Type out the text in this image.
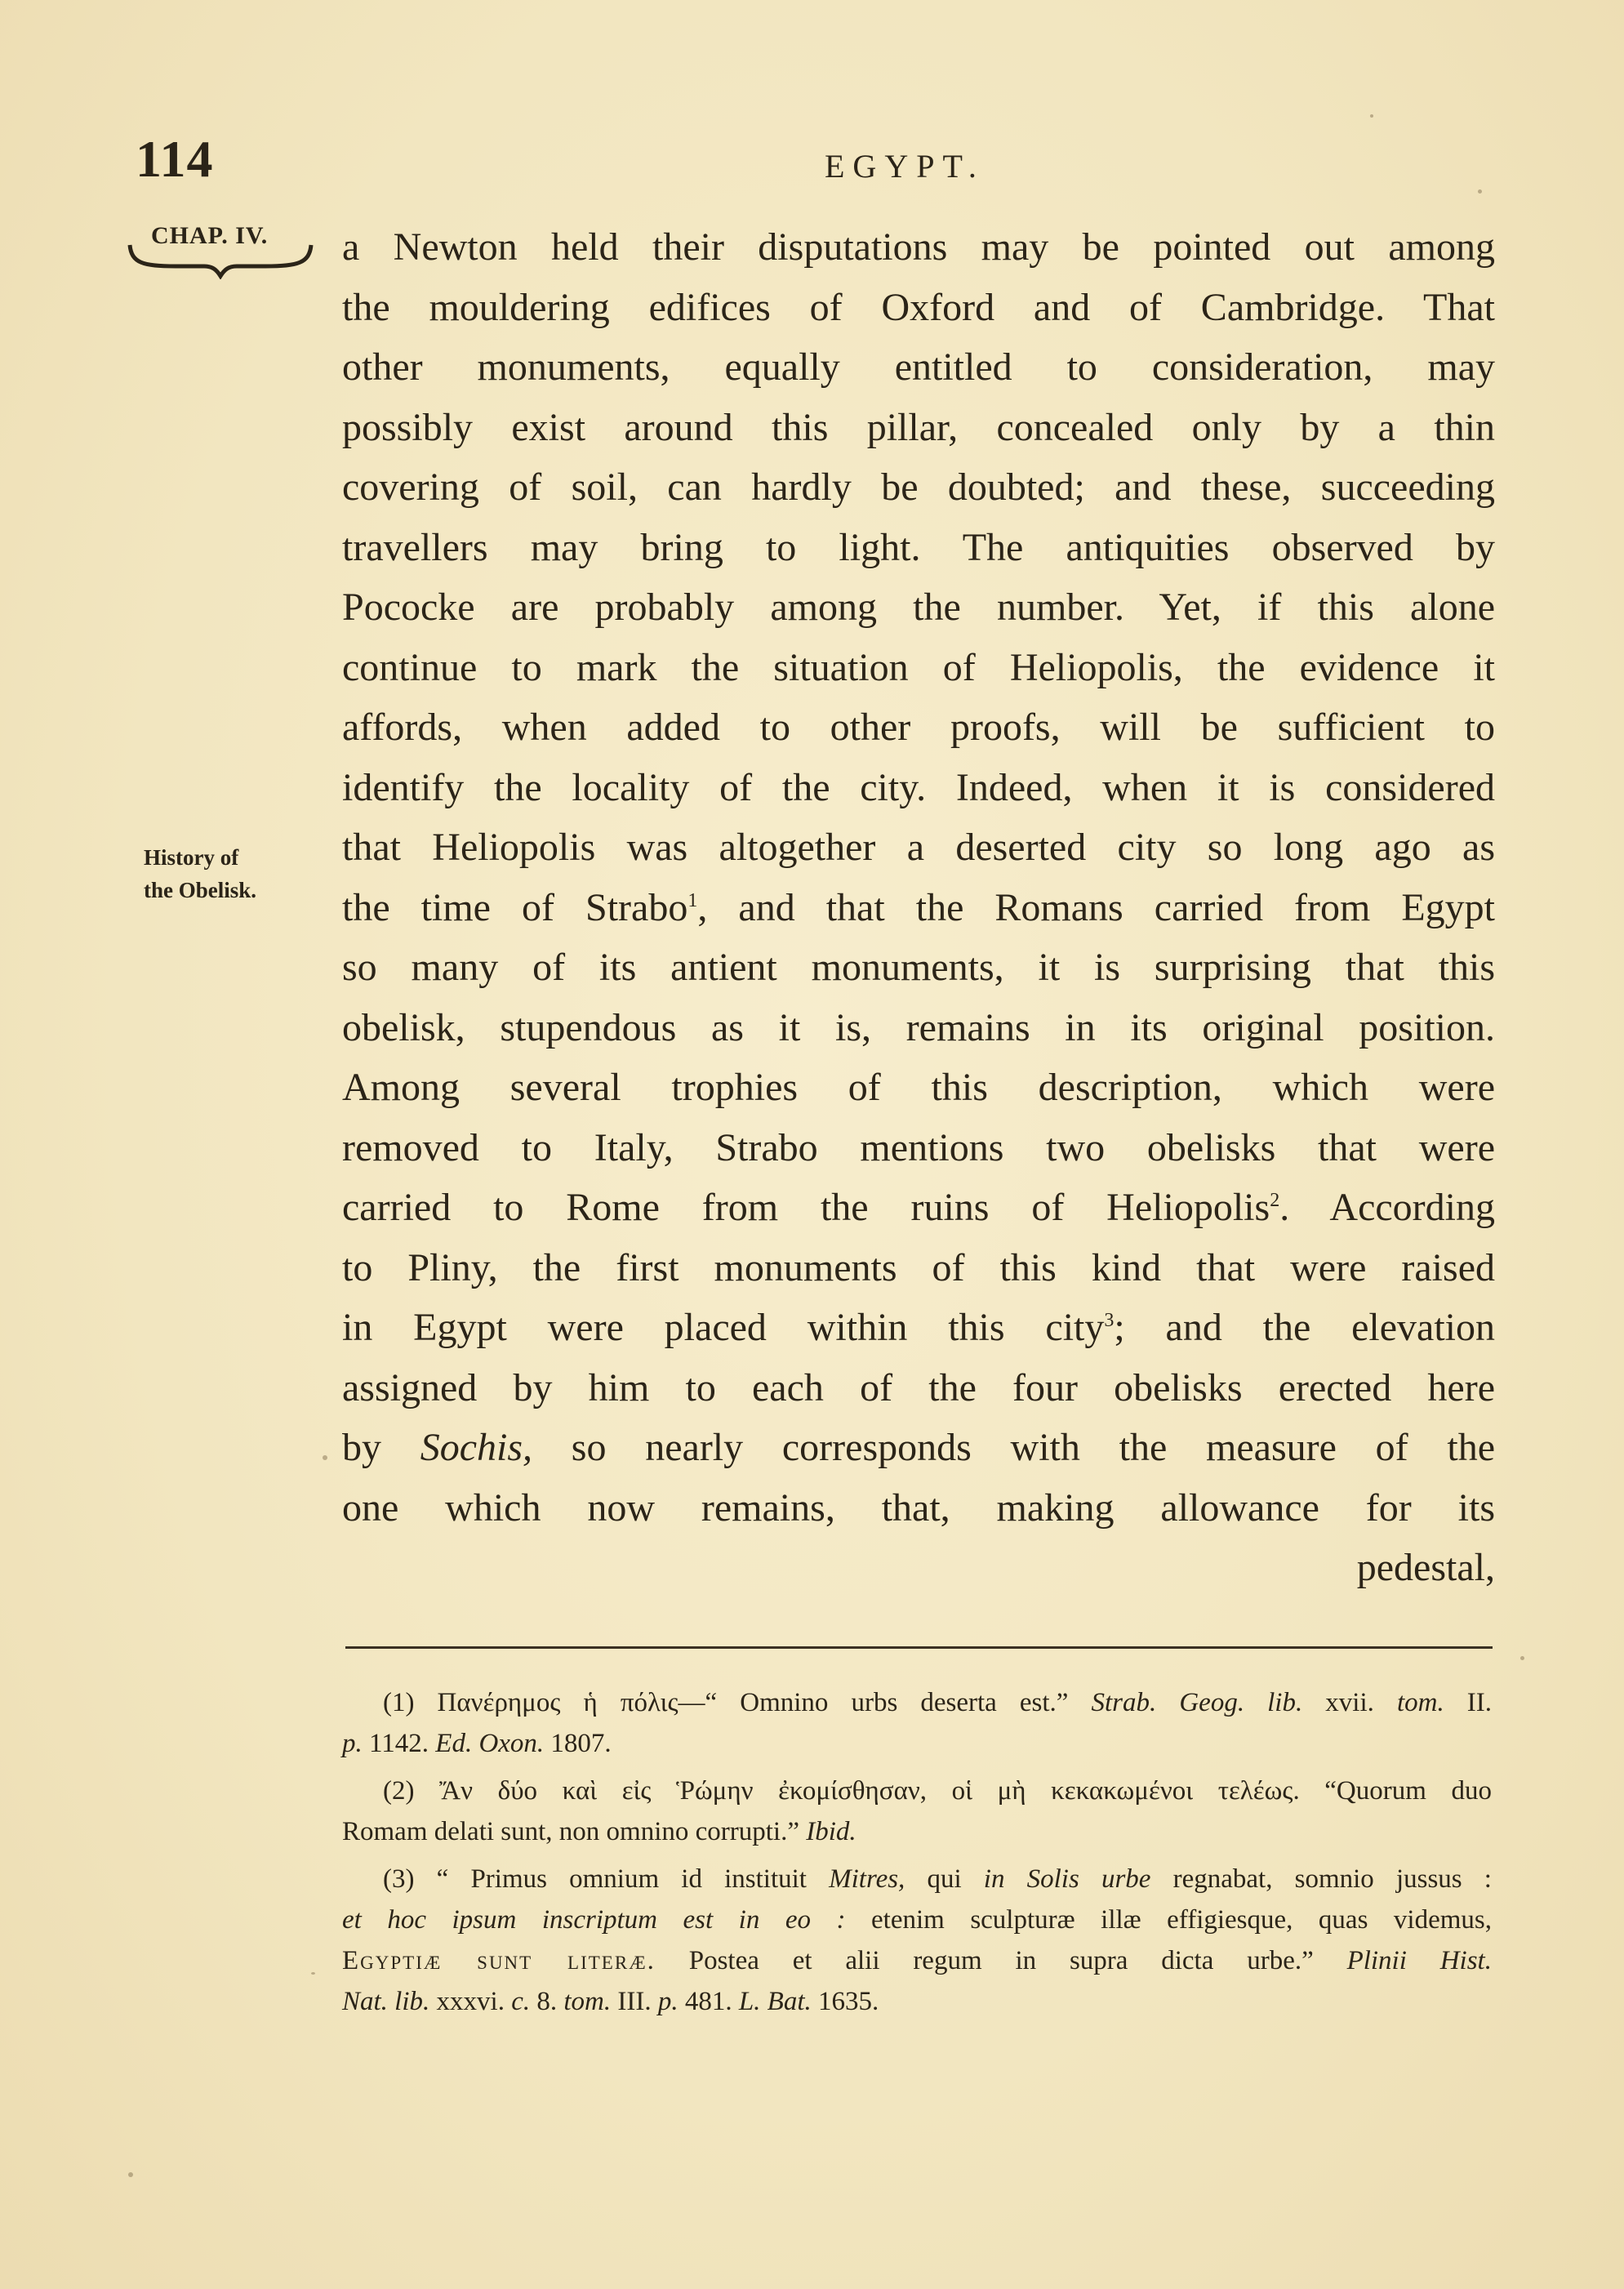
114	EGYPT.
CHAP. IV.
History of
the Obelisk.
a Newton held their disputations may be pointed out among
the mouldering edifices of Oxford and of Cambridge. That
other monuments, equally entitled to consideration, may
possibly exist around this pillar, concealed only by a thin
covering of soil, can hardly be doubted; and these, succeeding
travellers may bring to light. The antiquities observed by
Pococke are probably among the number. Yet, if this alone
continue to mark the situation of Heliopolis, the evidence it
affords, when added to other proofs, will be sufficient to
identify the locality of the city. Indeed, when it is considered
that Heliopolis was altogether a deserted city so long ago as
the time of Strabo$^1$, and that the Romans carried from Egypt
so many of its antient monuments, it is surprising that this
obelisk, stupendous as it is, remains in its original position.
Among several trophies of this description, which were
removed to Italy, Strabo mentions two obelisks that were
carried to Rome from the ruins of Heliopolis$^2$. According
to Pliny, the first monuments of this kind that were raised
in Egypt were placed within this city$^3$; and the elevation
assigned by him to each of the four obelisks erected here
by Sochis, so nearly corresponds with the measure of the
one which now remains, that, making allowance for its
pedestal,
(1) Πανέρημος ἡ πόλις—“ Omnino urbs deserta est.” Strab. Geog. lib. xvii. tom. II.
p. 1142. Ed. Oxon. 1807.
(2) Ἄν δύο καὶ εἰς Ῥώμην ἐκομίσθησαν, οἱ μὴ κεκακωμένοι τελέως. “Quorum duo
Romam delati sunt, non omnino corrupti.” Ibid.
(3) “ Primus omnium id instituit Mitres, qui in Solis urbe regnabat, somnio jussus :
et hoc ipsum inscriptum est in eo : etenim sculpturæ illæ effigiesque, quas videmus,
Egyptiæ sunt literæ. Postea et alii regum in supra dicta urbe.” Plinii Hist.
Nat. lib. xxxvi. c. 8. tom. III. p. 481. L. Bat. 1635.
